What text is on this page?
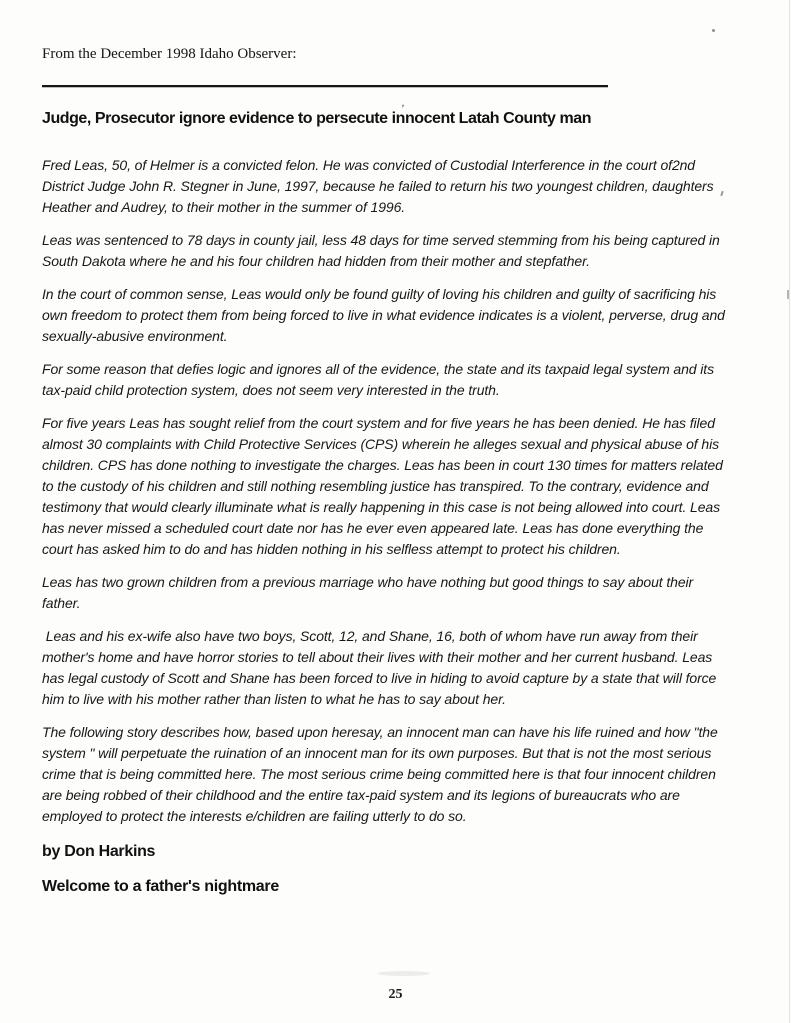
From the December 1998 Idaho Observer:

Judge, Prosecutor ignore evidence to persecute innocent Latah County man

Fred Leas, 50, of Helmer is a convicted felon. He was convicted of Custodial Interference in the court of2nd District Judge John R. Stegner in June, 1997, because he failed to return his two youngest children, daughters Heather and Audrey, to their mother in the summer of 1996.

Leas was sentenced to 78 days in county jail, less 48 days for time served stemming from his being captured in South Dakota where he and his four children had hidden from their mother and stepfather.

In the court of common sense, Leas would only be found guilty of loving his children and guilty of sacrificing his own freedom to protect them from being forced to live in what evidence indicates is a violent, perverse, drug and sexually-abusive environment.

For some reason that defies logic and ignores all of the evidence, the state and its taxpaid legal system and its tax-paid child protection system, does not seem very interested in the truth.

For five years Leas has sought relief from the court system and for five years he has been denied. He has filed almost 30 complaints with Child Protective Services (CPS) wherein he alleges sexual and physical abuse of his children. CPS has done nothing to investigate the charges. Leas has been in court 130 times for matters related to the custody of his children and still nothing resembling justice has transpired. To the contrary, evidence and testimony that would clearly illuminate what is really happening in this case is not being allowed into court. Leas has never missed a scheduled court date nor has he ever even appeared late. Leas has done everything the court has asked him to do and has hidden nothing in his selfless attempt to protect his children.

Leas has two grown children from a previous marriage who have nothing but good things to say about their father.

Leas and his ex-wife also have two boys, Scott, 12, and Shane, 16, both of whom have run away from their mother's home and have horror stories to tell about their lives with their mother and her current husband. Leas has legal custody of Scott and Shane has been forced to live in hiding to avoid capture by a state that will force him to live with his mother rather than listen to what he has to say about her.

The following story describes how, based upon heresay, an innocent man can have his life ruined and how "the system " will perpetuate the ruination of an innocent man for its own purposes. But that is not the most serious crime that is being committed here. The most serious crime being committed here is that four innocent children are being robbed of their childhood and the entire tax-paid system and its legions of bureaucrats who are employed to protect the interests e/children are failing utterly to do so.

by Don Harkins

Welcome to a father's nightmare

25
,
